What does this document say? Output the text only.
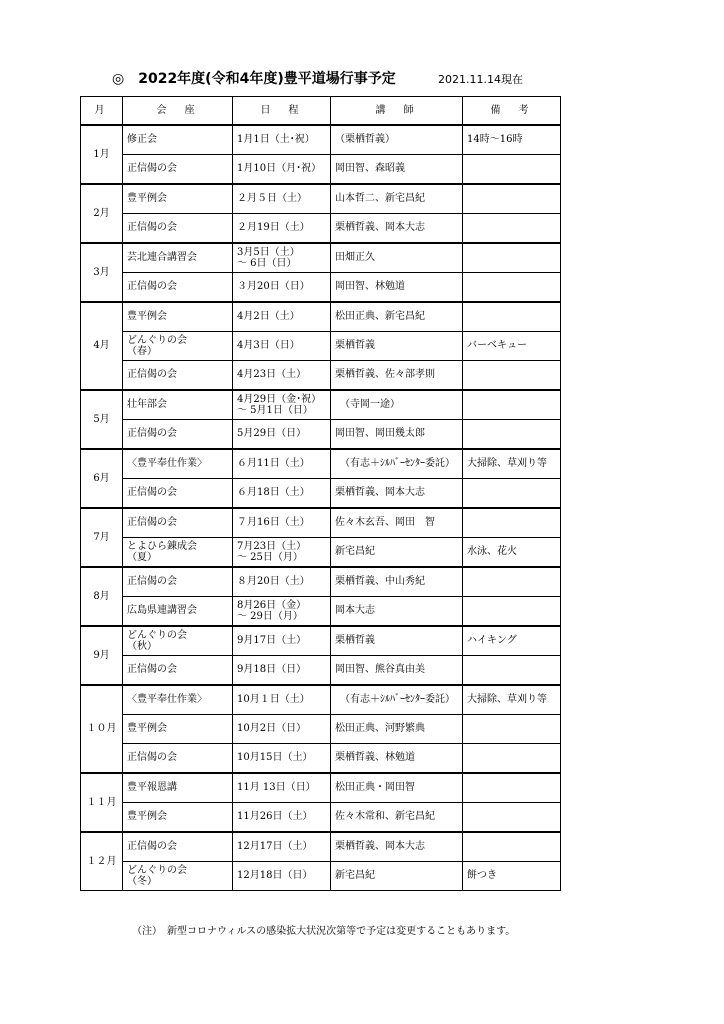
◎　2022年度(令和4年度)豊平道場行事予定	2021.11.14現在
月	会　座	日　程	講　師	備　考
1月	修正会	1月1日（土･祝）	（栗栖哲義）	14時～16時
	正信偈の会	1月10日（月･祝）	岡田智、森昭義	
2月	豊平例会	２月５日（土）	山本哲二、新宅昌紀	
	正信偈の会	２月19日（土）	栗栖哲義、岡本大志	
3月	芸北連合講習会	3月5日（土）
～ 6日（日）	田畑正久	
	正信偈の会	３月20日（日）	岡田智、林勉道	
4月	豊平例会	4月2日（土）	松田正典、新宅昌紀	
	どんぐりの会
（春）	4月3日（日）	栗栖哲義	バーベキュー
	正信偈の会	4月23日（土）	栗栖哲義、佐々部孝則	
5月	壮年部会	4月29日（金･祝）
～ 5月1日（日）	　（寺岡一途）	
	正信偈の会	5月29日（日）	岡田智、岡田幾太郎	
6月	〈豊平奉仕作業〉	６月11日（土）	　（有志＋ｼﾙﾊﾞｰｾﾝﾀｰ委託）	大掃除、草刈り等
	正信偈の会	６月18日（土）	栗栖哲義、岡本大志	
7月	正信偈の会	７月16日（土）	佐々木玄吾、岡田　智	
	とよひら錬成会
（夏）	7月23日（土）
～ 25日（月）	新宅昌紀	水泳、花火
8月	正信偈の会	８月20日（土）	栗栖哲義、中山秀紀	
	広島県連講習会	8月26日（金）
～ 29日（月）	岡本大志	
9月	どんぐりの会
（秋）	9月17日（土）	栗栖哲義	ハイキング
	正信偈の会	9月18日（日）	岡田智、熊谷真由美	
１０月	〈豊平奉仕作業〉	10月１日（土）	　（有志＋ｼﾙﾊﾞｰｾﾝﾀｰ委託）	大掃除、草刈り等
	豊平例会	10月2日（日）	松田正典、河野繁典	
	正信偈の会	10月15日（土）	栗栖哲義、林勉道	
１１月	豊平報恩講	11月 13日（日）	松田正典・岡田智	
	豊平例会	11月26日（土）	佐々木常和、新宅昌紀	
１２月	正信偈の会	12月17日（土）	栗栖哲義、岡本大志	
	どんぐりの会
（冬）	12月18日（日）	新宅昌紀	餅つき
（注）　新型コロナウィルスの感染拡大状況次第等で予定は変更することもあります。
